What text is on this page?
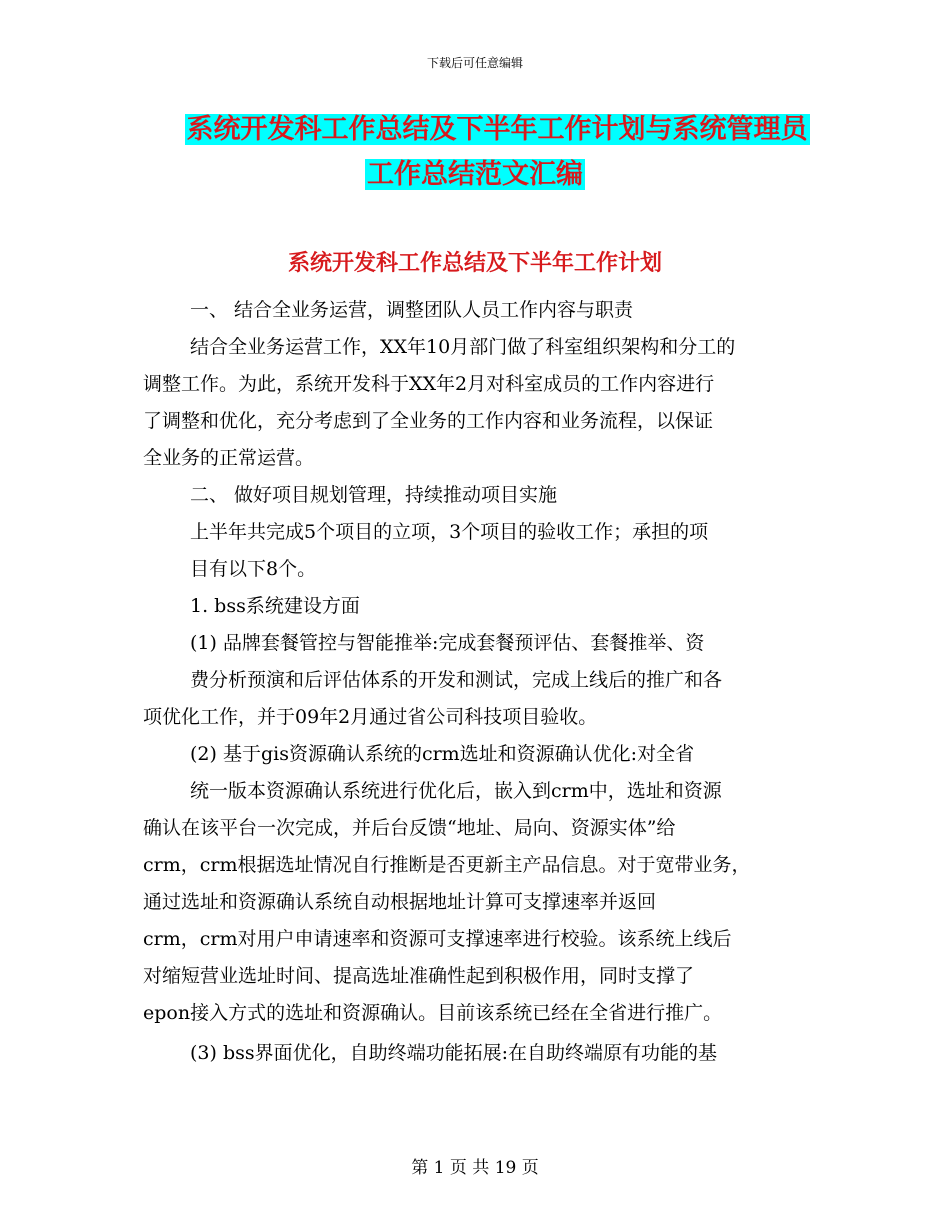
下载后可任意编辑
系统开发科工作总结及下半年工作计划与系统管理员
工作总结范文汇编
系统开发科工作总结及下半年工作计划
一、 结合全业务运营，调整团队人员工作内容与职责
结合全业务运营工作，XX年10月部门做了科室组织架构和分工的
调整工作。为此，系统开发科于XX年2月对科室成员的工作内容进行
了调整和优化，充分考虑到了全业务的工作内容和业务流程，以保证
全业务的正常运营。
二、 做好项目规划管理，持续推动项目实施
上半年共完成5个项目的立项，3个项目的验收工作；承担的项
目有以下8个。
1. bss系统建设方面
(1) 品牌套餐管控与智能推举:完成套餐预评估、套餐推举、资
费分析预演和后评估体系的开发和测试，完成上线后的推广和各
项优化工作，并于09年2月通过省公司科技项目验收。
(2) 基于gis资源确认系统的crm选址和资源确认优化:对全省
统一版本资源确认系统进行优化后，嵌入到crm中，选址和资源
确认在该平台一次完成，并后台反馈“地址、局向、资源实体”给
crm，crm根据选址情况自行推断是否更新主产品信息。对于宽带业务，
通过选址和资源确认系统自动根据地址计算可支撑速率并返回
crm，crm对用户申请速率和资源可支撑速率进行校验。该系统上线后
对缩短营业选址时间、提高选址准确性起到积极作用，同时支撑了
epon接入方式的选址和资源确认。目前该系统已经在全省进行推广。
(3) bss界面优化，自助终端功能拓展:在自助终端原有功能的基
第 1 页 共 19 页
